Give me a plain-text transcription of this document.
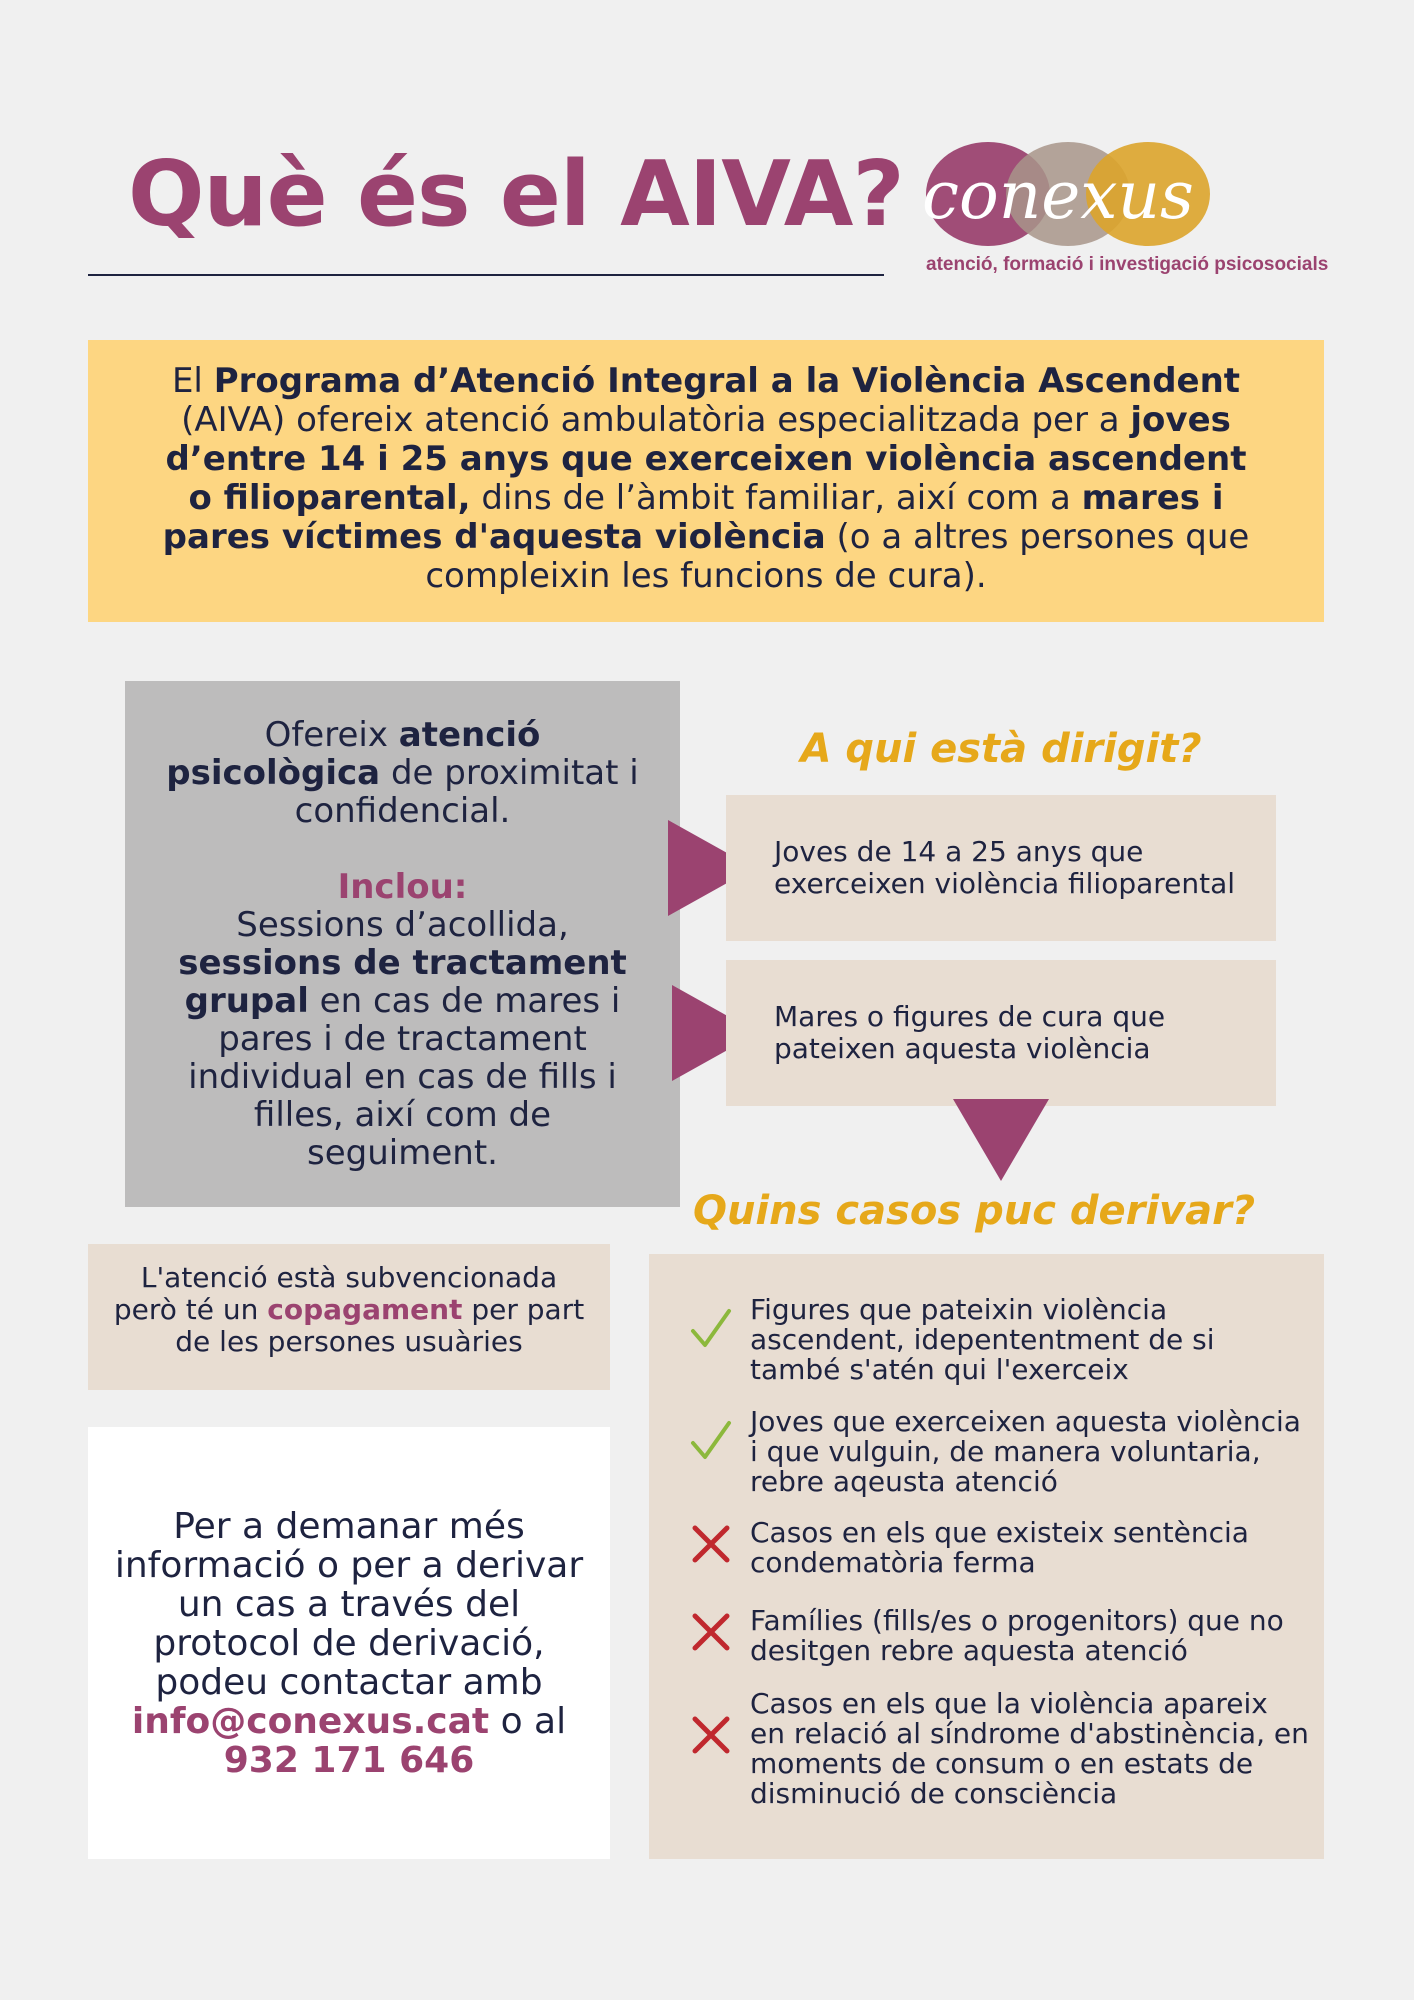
Què és el AIVA? conexus
atenció, formació i investigació psicosocials
El Programa d’Atenció Integral a la Violència Ascendent (AIVA) ofereix atenció ambulatòria especialitzada per a joves d’entre 14 i 25 anys que exerceixen violència ascendent o filioparental, dins de l’àmbit familiar, així com a mares i pares víctimes d'aquesta violència (o a altres persones que compleixin les funcions de cura).

Ofereix atenció psicològica de proximitat i confidencial.

Inclou:

Sessions d’acollida, sessions de tractament grupal en cas de mares i pares i de tractament individual en cas de fills i filles, així com de seguiment.

A qui està dirigit?
Joves de 14 a 25 anys que exerceixen violència filioparental
Mares o figures de cura que pateixen aquesta violència
L'atenció està subvencionada però té un copagament per part de les persones usuàries
Per a demanar més informació o per a derivar un cas a través del protocol de derivació, podeu contactar amb info@conexus.cat o al
932 171 646
Quins casos puc derivar?
Figures que pateixin violència ascendent, idepententment de si també s'atén qui l'exerceix
Joves que exerceixen aquesta violència i que vulguin, de manera voluntaria, rebre aqeusta atenció
Casos en els que existeix sentència condematòria ferma
Famílies (fills/es o progenitors) que no desitgen rebre aquesta atenció
Casos en els que la violència apareix en relació al síndrome d'abstinència, en moments de consum o en estats de disminució de consciència
